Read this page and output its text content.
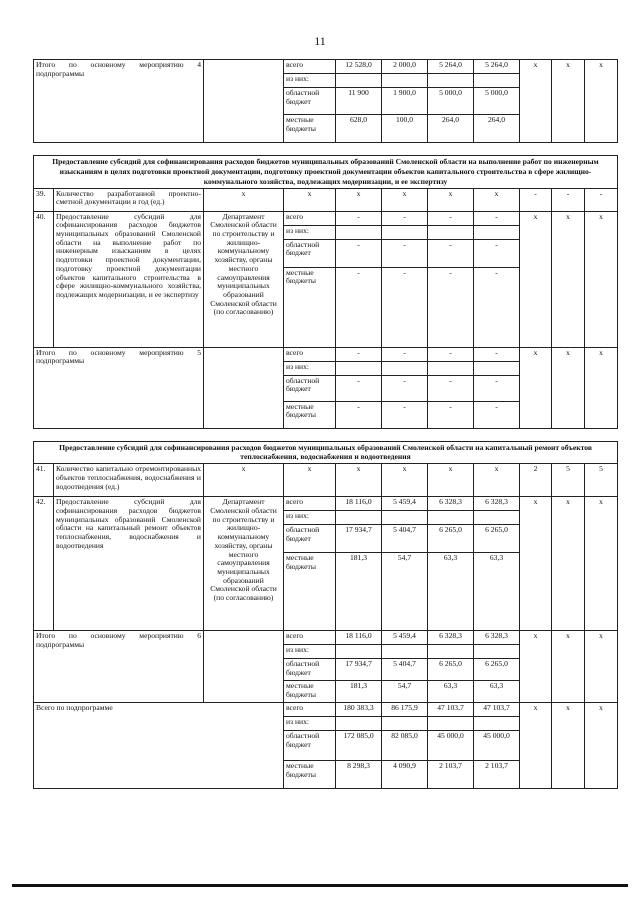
11
Итого по основному мероприятию 4 подпрограммы			всего	12 528,0	2 000,0	5 264,0	5 264,0	х	х	х
			из них:							
			областной бюджет	11 900	1 900,0	5 000,0	5 000,0			
			местные бюджеты	628,0	100,0	264,0	264,0			

Предоставление субсидий для софинансирования расходов бюджетов муниципальных образований Смоленской области на выполнение работ по инженерным изысканиям в целях подготовки проектной документации, подготовку проектной документации объектов капитального строительства в сфере жилищно-коммунального хозяйства, подлежащих модернизации, и ее экспертизу										
39.	Количество разработанной проектно-сметной документации в год (ед.)	х	х	х	х	х	х	-	-	-
40.	Предоставление субсидий для софинансирования расходов бюджетов муниципальных образований Смоленской области на выполнение работ по инженерным изысканиям в целях подготовки проектной документации, подготовку проектной документации объектов капитального строительства в сфере жилищно-коммунального хозяйства, подлежащих модернизации, и ее экспертизу	Департамент Смоленской области по строительству и жилищно-коммунальному хозяйству, органы местного самоуправления муниципальных образований Смоленской области (по согласованию)	всего	-	-	-	-	х	х	х
			из них:							
			областной бюджет	-	-	-	-			
			местные бюджеты	-	-	-	-			
Итого по основному мероприятию 5 подпрограммы			всего	-	-	-	-	х	х	х
			из них:							
			областной бюджет	-	-	-	-			
			местные бюджеты	-	-	-	-			

Предоставление субсидий для софинансирования расходов бюджетов муниципальных образований Смоленской области на капитальный ремонт объектов теплоснабжения, водоснабжения и водоотведения										
41.	Количество капитально отремонтированных объектов теплоснабжения, водоснабжения и водоотведения (ед.)	х	х	х	х	х	х	2	5	5
42.	Предоставление субсидий для софинансирования расходов бюджетов муниципальных образований Смоленской области на капитальный ремонт объектов теплоснабжения, водоснабжения и водоотведения	Департамент Смоленской области по строительству и жилищно-коммунальному хозяйству, органы местного самоуправления муниципальных образований Смоленской области (по согласованию)	всего	18 116,0	5 459,4	6 328,3	6 328,3	х	х	х
			из них:							
			областной бюджет	17 934,7	5 404,7	6 265,0	6 265,0			
			местные бюджеты	181,3	54,7	63,3	63,3			
Итого по основному мероприятию 6 подпрограммы			всего	18 116,0	5 459,4	6 328,3	6 328,3	х	х	х
			из них:							
			областной бюджет	17 934,7	5 404,7	6 265,0	6 265,0			
			местные бюджеты	181,3	54,7	63,3	63,3			
Всего по подпрограмме			всего	180 383,3	86 175,9	47 103,7	47 103,7	х	х	х
			из них:							
			областной бюджет	172 085,0	82 085,0	45 000,0	45 000,0			
			местные бюджеты	8 298,3	4 090,9	2 103,7	2 103,7			
